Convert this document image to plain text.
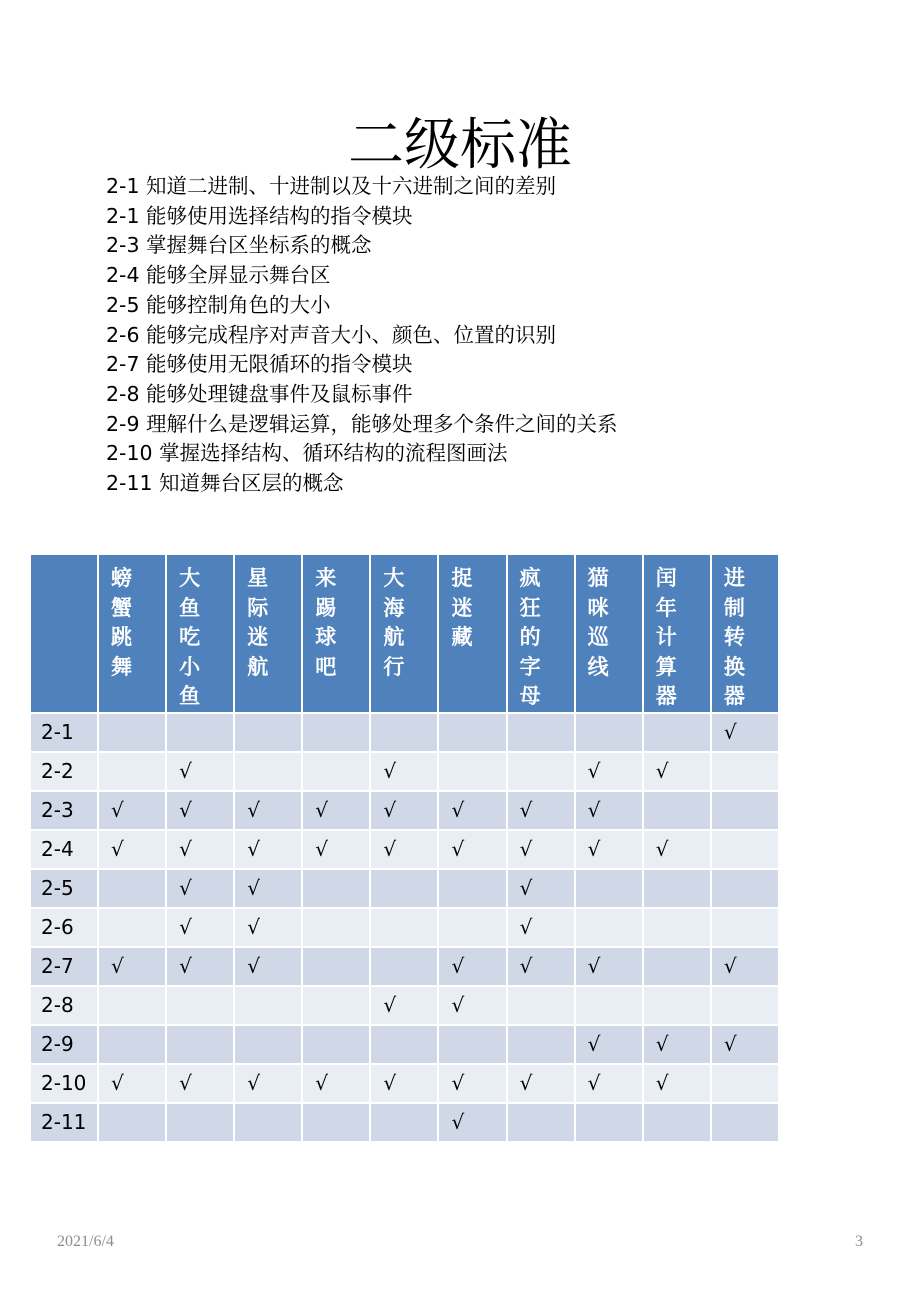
二级标准
2-1 知道二进制、十进制以及十六进制之间的差别
2-1 能够使用选择结构的指令模块
2-3 掌握舞台区坐标系的概念
2-4 能够全屏显示舞台区
2-5 能够控制角色的大小
2-6 能够完成程序对声音大小、颜色、位置的识别
2-7 能够使用无限循环的指令模块
2-8 能够处理键盘事件及鼠标事件
2-9 理解什么是逻辑运算，能够处理多个条件之间的关系
2-10 掌握选择结构、循环结构的流程图画法
2-11 知道舞台区层的概念

	螃蟹跳舞	大鱼吃小鱼	星际迷航	来踢球吧	大海航行	捉迷藏	疯狂的字母	猫咪巡线	闰年计算器	进制转换器

2-1										√
2-2		√			√			√	√	
2-3	√	√	√	√	√	√	√	√		
2-4	√	√	√	√	√	√	√	√	√	
2-5		√	√				√			
2-6		√	√				√			
2-7	√	√	√			√	√	√		√
2-8					√	√				
2-9								√	√	√
2-10	√	√	√	√	√	√	√	√	√	
2-11						√				
2021/6/4	3
